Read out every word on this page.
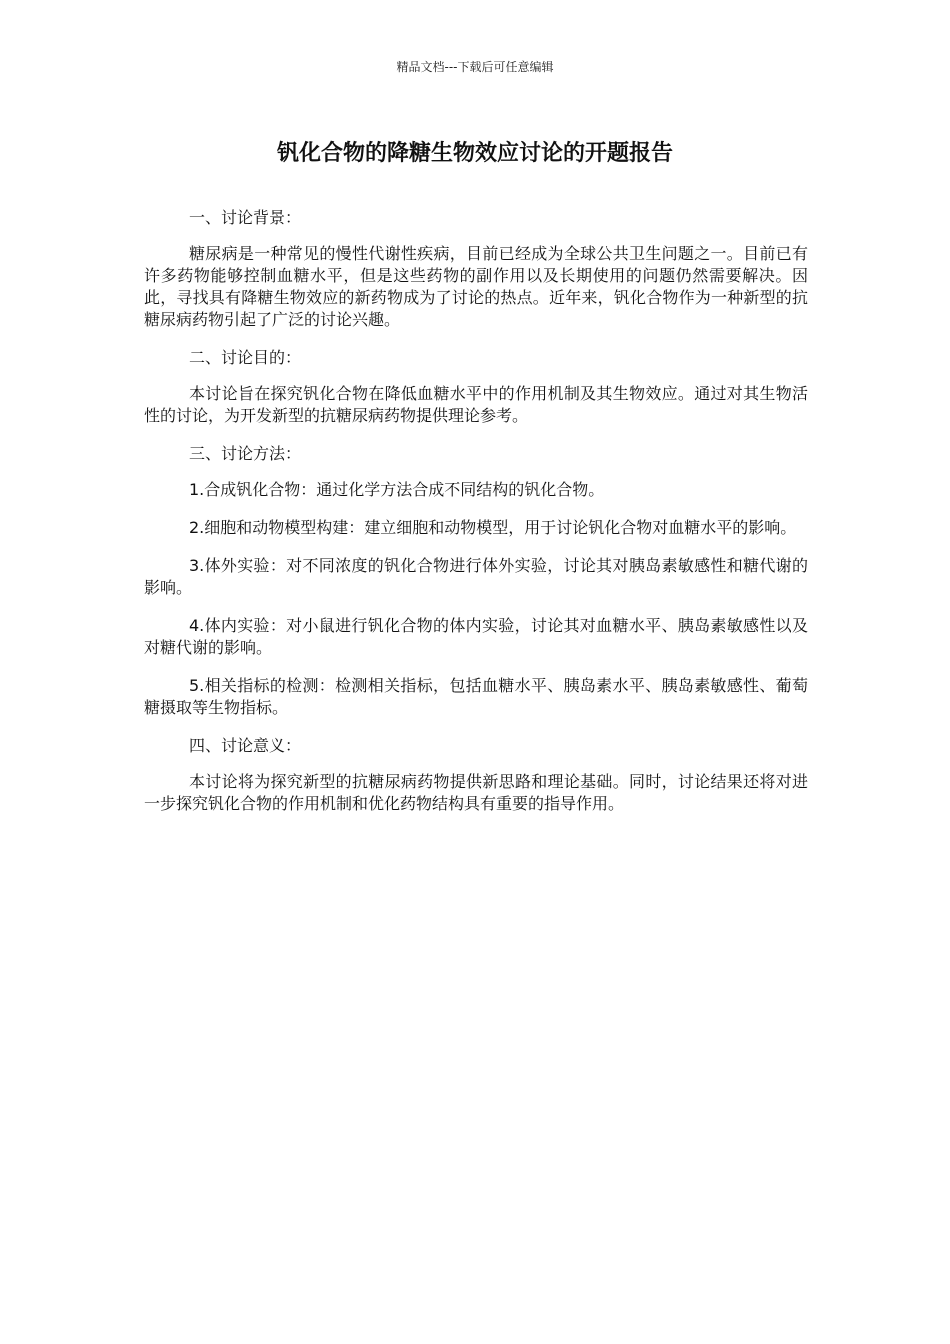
精品文档---下载后可任意编辑
钒化合物的降糖生物效应讨论的开题报告

一、讨论背景：

糖尿病是一种常见的慢性代谢性疾病，目前已经成为全球公共卫生问题之一。目前已有许多药物能够控制血糖水平，但是这些药物的副作用以及长期使用的问题仍然需要解决。因此，寻找具有降糖生物效应的新药物成为了讨论的热点。近年来，钒化合物作为一种新型的抗糖尿病药物引起了广泛的讨论兴趣。

二、讨论目的：

本讨论旨在探究钒化合物在降低血糖水平中的作用机制及其生物效应。通过对其生物活性的讨论，为开发新型的抗糖尿病药物提供理论参考。

三、讨论方法：

1.合成钒化合物：通过化学方法合成不同结构的钒化合物。

2.细胞和动物模型构建：建立细胞和动物模型，用于讨论钒化合物对血糖水平的影响。

3.体外实验：对不同浓度的钒化合物进行体外实验，讨论其对胰岛素敏感性和糖代谢的影响。

4.体内实验：对小鼠进行钒化合物的体内实验，讨论其对血糖水平、胰岛素敏感性以及对糖代谢的影响。

5.相关指标的检测：检测相关指标，包括血糖水平、胰岛素水平、胰岛素敏感性、葡萄糖摄取等生物指标。

四、讨论意义：

本讨论将为探究新型的抗糖尿病药物提供新思路和理论基础。同时，讨论结果还将对进一步探究钒化合物的作用机制和优化药物结构具有重要的指导作用。
